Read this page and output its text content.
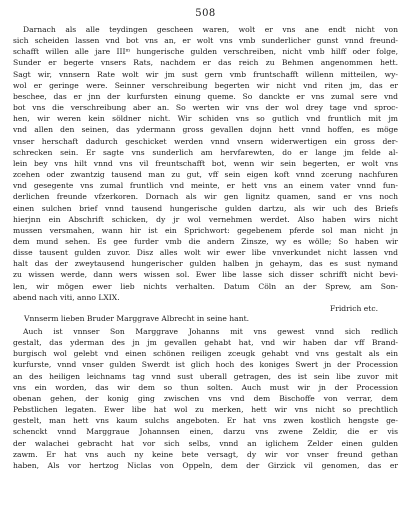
508
Darnach als alle teydingen gescheen waren, wolt er vns ane endt nicht von
sich scheiden lassen vnd bot vns an, er wolt vns vmb sunderlicher gunst vnnd freund-
schafft willen alle jare IIIᵐ hungerische gulden verschreiben, nicht vmb hilff oder folge,
Sunder er begerte vnsers Rats, nachdem er das reich zu Behmen angenommen hett.
Sagt wir, vnnsern Rate wolt wir jm sust gern vmb fruntschafft willenn mitteilen, wy-
wol er geringe were. Seinner verschreibung begerten wir nicht vnd riten jm, das er
beschee, das er jnn der kurfursten einung queme. So danckte er vns zumal sere vnd
bot vns die verschreibung aber an. So werten wir vns der wol drey tage vnd sproc-
hen, wir weren kein söldner nicht. Wir schiden vns so gutlich vnd fruntlich mit jm
vnd allen den seinen, das ydermann gross gevallen dojnn hett vnnd hoffen, es möge
vnser herschaft dadurch geschicket werden vnnd vnsern widerwertigen ein gross der-
schrecken sein. Er sagte vns sunderlich am hervfarewten, do er lange jm felde al-
lein bey vns hilt vnnd vns vil freuntschafft bot, wenn wir sein begerten, er wolt vns
zcehen oder zwantzig tausend man zu gut, vff sein eigen koft vnnd zcerung nachfuren
vnd gesegente vns zumal fruntlich vnd meinte, er hett vns an einem vater vnnd fun-
derlichen freunde vfzerkoren. Dornach als wir gen lignitz quamen, sand er vns noch
einen sulchen brief vnnd tausend hungerische gulden dartzu, als wir uch des Briefs
hierjnn ein Abschrift schicken, dy jr wol vernehmen werdet. Also haben wirs nicht
mussen versmahen, wann hir ist ein Sprichwort: gegebenem pferde sol man nicht jn
dem mund sehen. Es gee furder vmb die andern Zinsze, wy es wölle; So haben wir
disse tausent gulden zuvor. Disz alles wolt wir ewer libe vnverkundet nicht lassen vnd
halt das der zweytausend hungerischer gulden halben jn gehaym, das es sust nymand
zu wissen werde, dann wers wissen sol. Ewer libe lasse sich disser schrifft nicht bevi-
len, wir mögen ewer lieb nichts verhalten. Datum Cöln an der Sprew, am Son-
abend nach viti, anno LXIX.
Fridrich etc.
Vnnserm lieben Bruder Marggrave Albrecht in seine hant.
Auch ist vnnser Son Marggrave Johanns mit vns gewest vnnd sich redlich
gestalt, das yderman des jn jm gevallen gehabt hat, vnd wir haben dar vff Brand-
burgisch wol gelebt vnd einen schönen reiligen zceugk gehabt vnd vns gestalt als ein
kurfurste, vnnd vnser gulden Swerdt ist glich hoch des koniges Swert jn der Procession
an des heiligen leichnams tag vnnd sust uberall getragen, des ist sein libe zuvor mit
vns ein worden, das wir dem so thun solten. Auch must wir jn der Procession
obenan gehen, der konig ging zwischen vns vnd dem Bischoffe von verrar, dem
Pebstlichen legaten. Ewer libe hat wol zu merken, hett wir vns nicht so prechtlich
gestelt, man hett vns kaum sulchs angeboten. Er hat vns zwen kostlich hengste ge-
schenckt vnnd Marggraue Johannsen einen, darzu vns zwene Zeldir, die er vis
der walachei gebracht hat vor sich selbs, vnnd an iglichem Zelder einen gulden
zawm. Er hat vns auch ny keine bete versagt, dy wir vor vnser freund gethan
haben, Als vor hertzog Niclas von Oppeln, dem der Girzick vil genomen, das er
